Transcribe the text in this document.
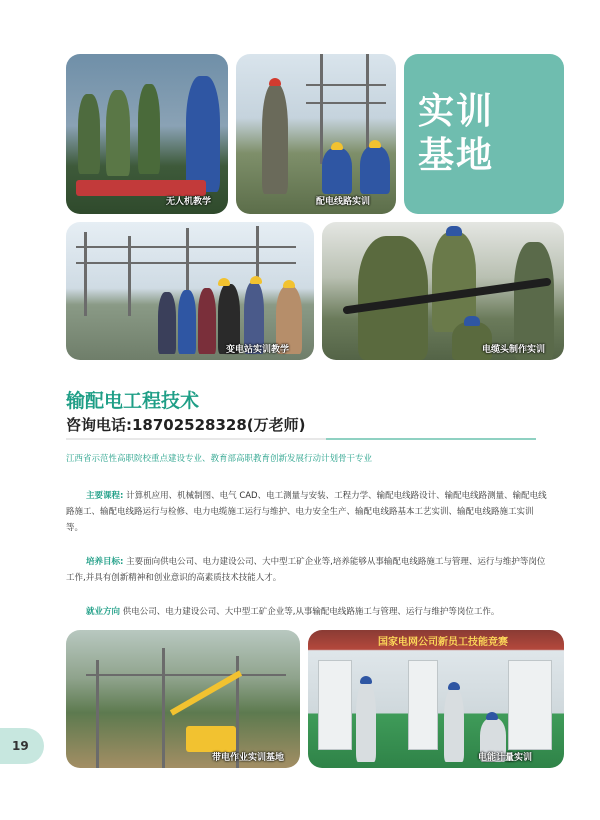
无人机教学	配电线路实训
实训
基地
变电站实训教学	电缆头制作实训
输配电工程技术
咨询电话:18702528328(万老师)
江西省示范性高职院校重点建设专业、教育部高职教育创新发展行动计划骨干专业
主要课程: 计算机应用、机械制图、电气 CAD、电工测量与安装、工程力学、输配电线路设计、输配电线路测量、输配电线路施工、输配电线路运行与检修、电力电缆施工运行与维护、电力安全生产、输配电线路基本工艺实训、输配电线路施工实训等。
培养目标: 主要面向供电公司、电力建设公司、大中型工矿企业等,培养能够从事输配电线路施工与管理、运行与维护等岗位工作,并具有创新精神和创业意识的高素质技术技能人才。
就业方向 供电公司、电力建设公司、大中型工矿企业等,从事输配电线路施工与管理、运行与维护等岗位工作。
带电作业实训基地
国家电网公司新员工技能竞赛
电能计量实训
19
